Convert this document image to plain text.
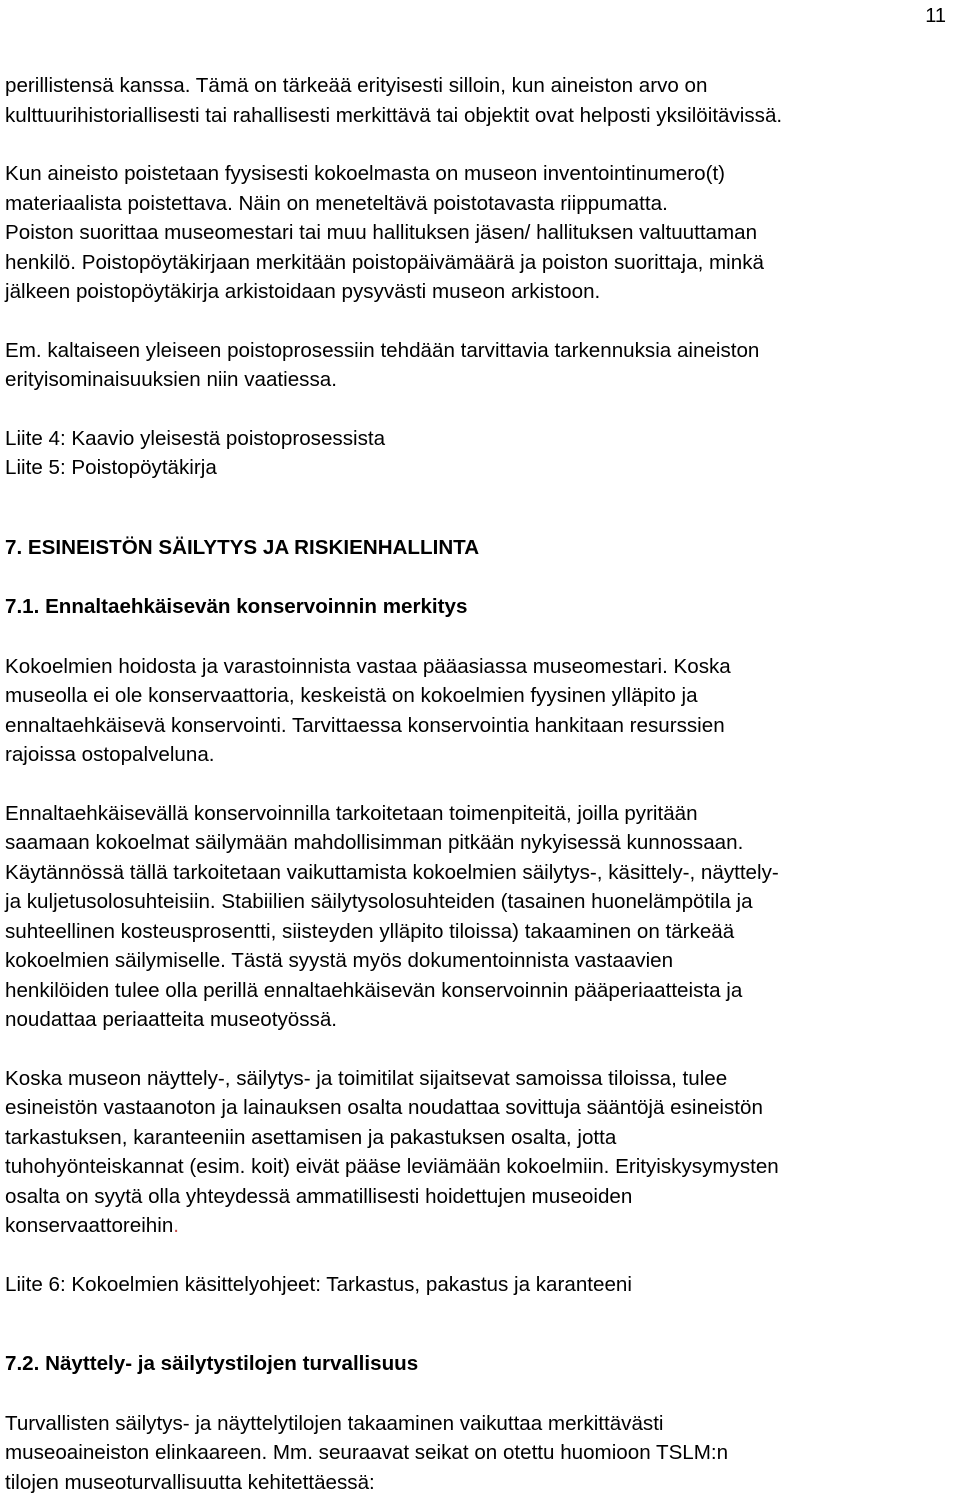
11

perillistensä kanssa. Tämä on tärkeää erityisesti silloin, kun aineiston arvo on
kulttuurihistoriallisesti tai rahallisesti merkittävä tai objektit ovat helposti yksilöitävissä.

Kun aineisto poistetaan fyysisesti kokoelmasta on museon inventointinumero(t)
materiaalista poistettava. Näin on meneteltävä poistotavasta riippumatta.
Poiston suorittaa museomestari tai muu hallituksen jäsen/ hallituksen valtuuttaman
henkilö. Poistopöytäkirjaan merkitään poistopäivämäärä ja poiston suorittaja, minkä
jälkeen poistopöytäkirja arkistoidaan pysyvästi museon arkistoon.

Em. kaltaiseen yleiseen poistoprosessiin tehdään tarvittavia tarkennuksia aineiston
erityisominaisuuksien niin vaatiessa.

Liite 4: Kaavio yleisestä poistoprosessista
Liite 5: Poistopöytäkirja

7. ESINEISTÖN SÄILYTYS JA RISKIENHALLINTA

7.1. Ennaltaehkäisevän konservoinnin merkitys

Kokoelmien hoidosta ja varastoinnista vastaa pääasiassa museomestari. Koska
museolla ei ole konservaattoria, keskeistä on kokoelmien fyysinen ylläpito ja
ennaltaehkäisevä konservointi. Tarvittaessa konservointia hankitaan resurssien
rajoissa ostopalveluna.

Ennaltaehkäisevällä konservoinnilla tarkoitetaan toimenpiteitä, joilla pyritään
saamaan kokoelmat säilymään mahdollisimman pitkään nykyisessä kunnossaan.
Käytännössä tällä tarkoitetaan vaikuttamista kokoelmien säilytys-, käsittely-, näyttely-
ja kuljetusolosuhteisiin. Stabiilien säilytysolosuhteiden (tasainen huonelämpötila ja
suhteellinen kosteusprosentti, siisteyden ylläpito tiloissa) takaaminen on tärkeää
kokoelmien säilymiselle. Tästä syystä myös dokumentoinnista vastaavien
henkilöiden tulee olla perillä ennaltaehkäisevän konservoinnin pääperiaatteista ja
noudattaa periaatteita museotyössä.

Koska museon näyttely-, säilytys- ja toimitilat sijaitsevat samoissa tiloissa, tulee
esineistön vastaanoton ja lainauksen osalta noudattaa sovittuja sääntöjä esineistön
tarkastuksen, karanteeniin asettamisen ja pakastuksen osalta, jotta
tuhohyönteiskannat (esim. koit) eivät pääse leviämään kokoelmiin. Erityiskysymysten
osalta on syytä olla yhteydessä ammatillisesti hoidettujen museoiden
konservaattoreihin.

Liite 6: Kokoelmien käsittelyohjeet: Tarkastus, pakastus ja karanteeni

7.2. Näyttely- ja säilytystilojen turvallisuus

Turvallisten säilytys- ja näyttelytilojen takaaminen vaikuttaa merkittävästi
museoaineiston elinkaareen. Mm. seuraavat seikat on otettu huomioon TSLM:n
tilojen museoturvallisuutta kehitettäessä:
